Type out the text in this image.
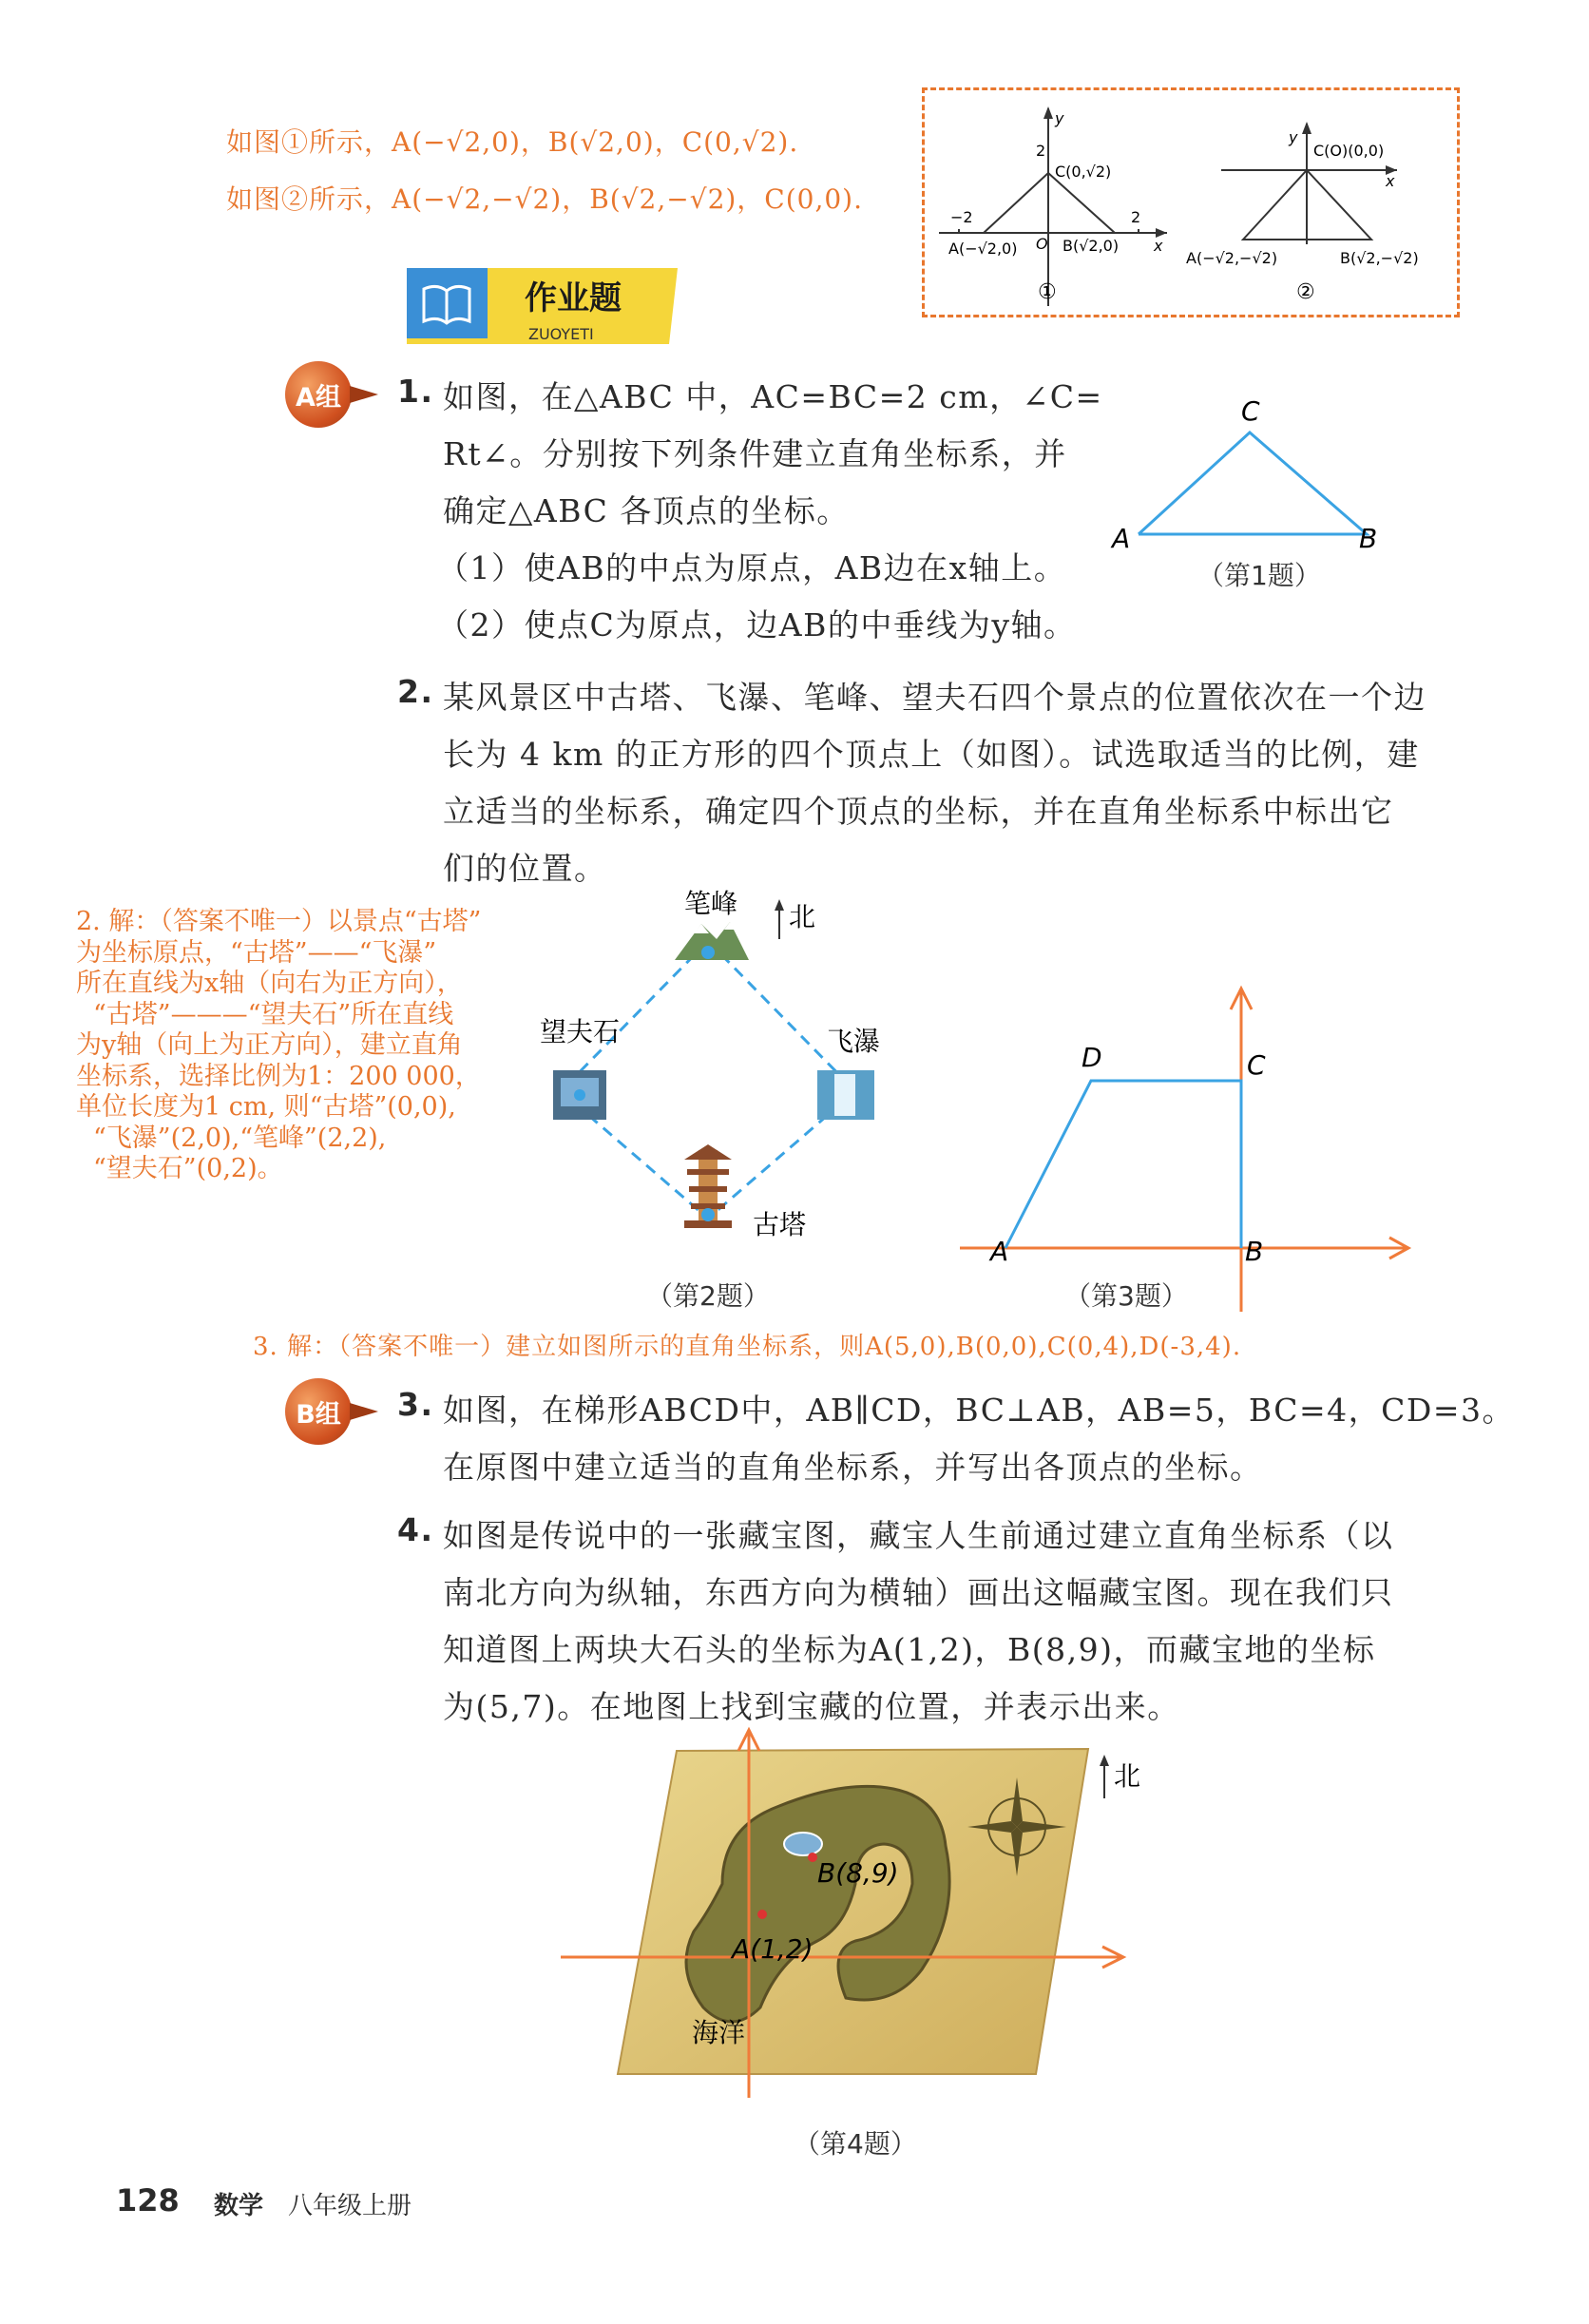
如图①所示，A(−√2,0)，B(√2,0)，C(0,√2).
如图②所示，A(−√2,−√2)，B(√2,−√2)，C(0,0).
y
x
2
−2	2
O
C(0,√2)
A(−√2,0)	B(√2,0)
①
y
x
C(O)(0,0)
A(−√2,−√2)	B(√2,−√2)
②
作业题
ZUOYETI
A组	1. 如图，在△ABC 中，AC=BC=2 cm，∠C=
Rt∠。分别按下列条件建立直角坐标系，并
确定△ABC 各顶点的坐标。
（1）使AB的中点为原点，AB边在x轴上。
（2）使点C为原点，边AB的中垂线为y轴。
C
A	B
（第1题）
2. 某风景区中古塔、飞瀑、笔峰、望夫石四个景点的位置依次在一个边
长为 4 km 的正方形的四个顶点上（如图）。试选取适当的比例，建
立适当的坐标系，确定四个顶点的坐标，并在直角坐标系中标出它
们的位置。
2. 解：（答案不唯一）以景点“古塔”
为坐标原点，“古塔”——“飞瀑”
所在直线为x轴（向右为正方向），
“古塔”———“望夫石”所在直线
为y轴（向上为正方向），建立直角
坐标系，选择比例为1：200 000，
单位长度为1 cm, 则“古塔”(0,0),
“飞瀑”(2,0),“笔峰”(2,2),
“望夫石”(0,2)。
笔峰 北
望夫石	飞瀑
古塔
（第2题）
A	B
C
D
（第3题）
3. 解：（答案不唯一）建立如图所示的直角坐标系，则A(5,0),B(0,0),C(0,4),D(-3,4).
B组	3. 如图，在梯形ABCD中，AB∥CD，BC⊥AB，AB=5，BC=4，CD=3。
在原图中建立适当的直角坐标系，并写出各顶点的坐标。
4. 如图是传说中的一张藏宝图，藏宝人生前通过建立直角坐标系（以
南北方向为纵轴，东西方向为横轴）画出这幅藏宝图。现在我们只
知道图上两块大石头的坐标为A(1,2)，B(8,9)，而藏宝地的坐标
为(5,7)。在地图上找到宝藏的位置，并表示出来。
北
B(8,9)
A(1,2)
海洋
（第4题）
128 数学 八年级上册
